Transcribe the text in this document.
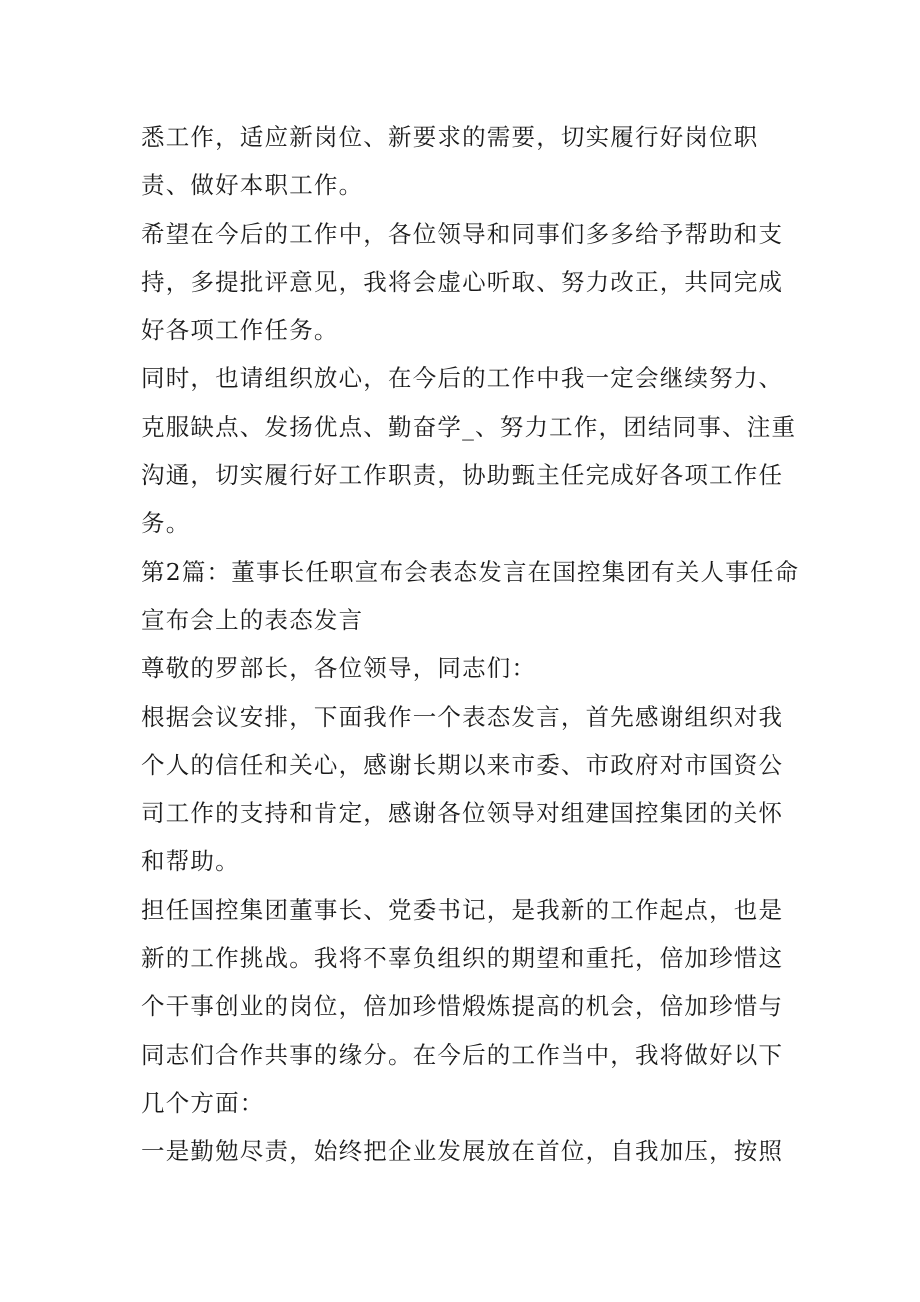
悉工作，适应新岗位、新要求的需要，切实履行好岗位职责、做好本职工作。

希望在今后的工作中，各位领导和同事们多多给予帮助和支持，多提批评意见，我将会虚心听取、努力改正，共同完成好各项工作任务。

同时，也请组织放心，在今后的工作中我一定会继续努力、克服缺点、发扬优点、勤奋学_、努力工作，团结同事、注重沟通，切实履行好工作职责，协助甄主任完成好各项工作任务。

第2篇：董事长任职宣布会表态发言在国控集团有关人事任命宣布会上的表态发言

尊敬的罗部长，各位领导，同志们：

根据会议安排，下面我作一个表态发言，首先感谢组织对我个人的信任和关心，感谢长期以来市委、市政府对市国资公司工作的支持和肯定，感谢各位领导对组建国控集团的关怀和帮助。

担任国控集团董事长、党委书记，是我新的工作起点，也是新的工作挑战。我将不辜负组织的期望和重托，倍加珍惜这个干事创业的岗位，倍加珍惜煅炼提高的机会，倍加珍惜与同志们合作共事的缘分。在今后的工作当中，我将做好以下几个方面：

一是勤勉尽责，始终把企业发展放在首位，自我加压，按照
